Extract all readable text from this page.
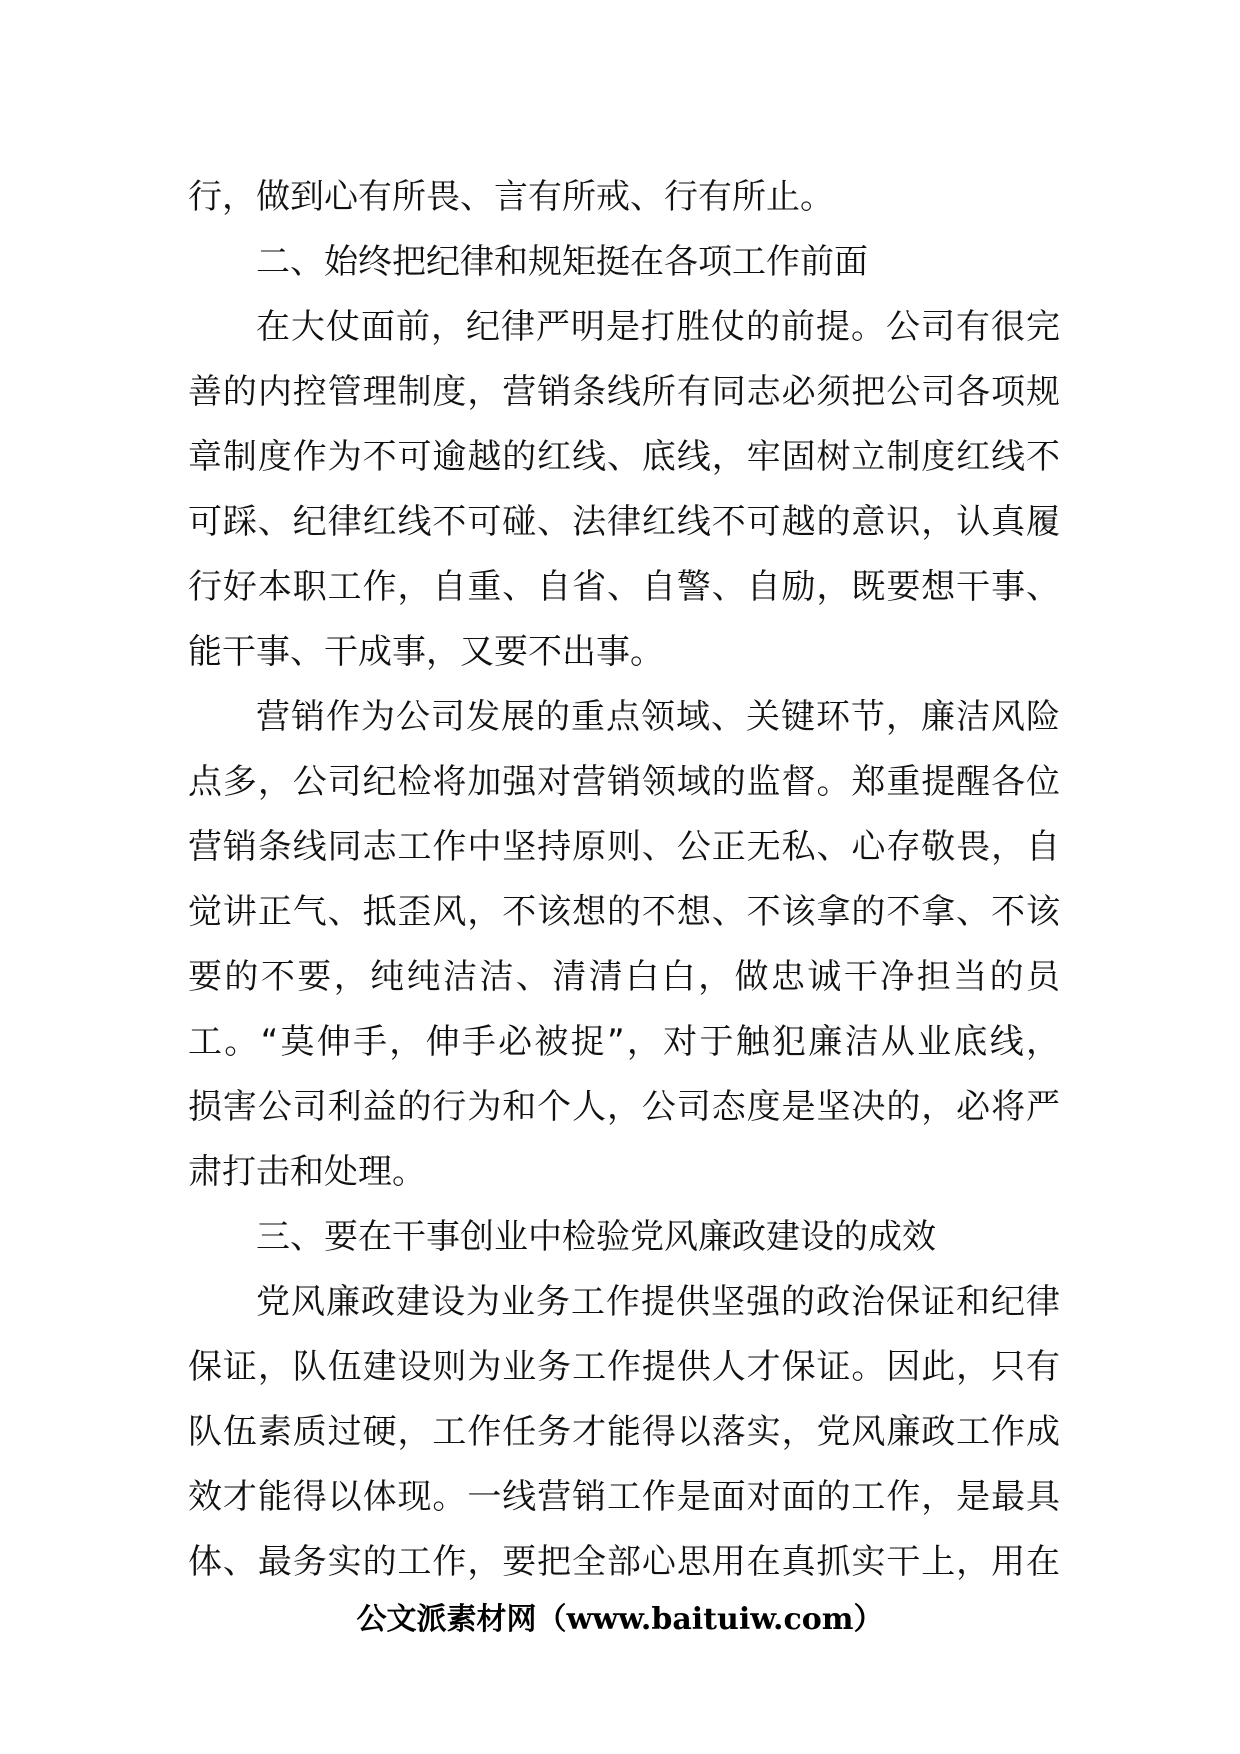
行，做到心有所畏、言有所戒、行有所止。
二、始终把纪律和规矩挺在各项工作前面
在大仗面前，纪律严明是打胜仗的前提。公司有很完
善的内控管理制度，营销条线所有同志必须把公司各项规
章制度作为不可逾越的红线、底线，牢固树立制度红线不
可踩、纪律红线不可碰、法律红线不可越的意识，认真履
行好本职工作，自重、自省、自警、自励，既要想干事、
能干事、干成事，又要不出事。
营销作为公司发展的重点领域、关键环节，廉洁风险
点多，公司纪检将加强对营销领域的监督。郑重提醒各位
营销条线同志工作中坚持原则、公正无私、心存敬畏，自
觉讲正气、抵歪风，不该想的不想、不该拿的不拿、不该
要的不要，纯纯洁洁、清清白白，做忠诚干净担当的员
工。“莫伸手，伸手必被捉”，对于触犯廉洁从业底线，
损害公司利益的行为和个人，公司态度是坚决的，必将严
肃打击和处理。
三、要在干事创业中检验党风廉政建设的成效
党风廉政建设为业务工作提供坚强的政治保证和纪律
保证，队伍建设则为业务工作提供人才保证。因此，只有
队伍素质过硬，工作任务才能得以落实，党风廉政工作成
效才能得以体现。一线营销工作是面对面的工作，是最具
体、最务实的工作，要把全部心思用在真抓实干上，用在
公文派素材网（www.baituiw.com）
